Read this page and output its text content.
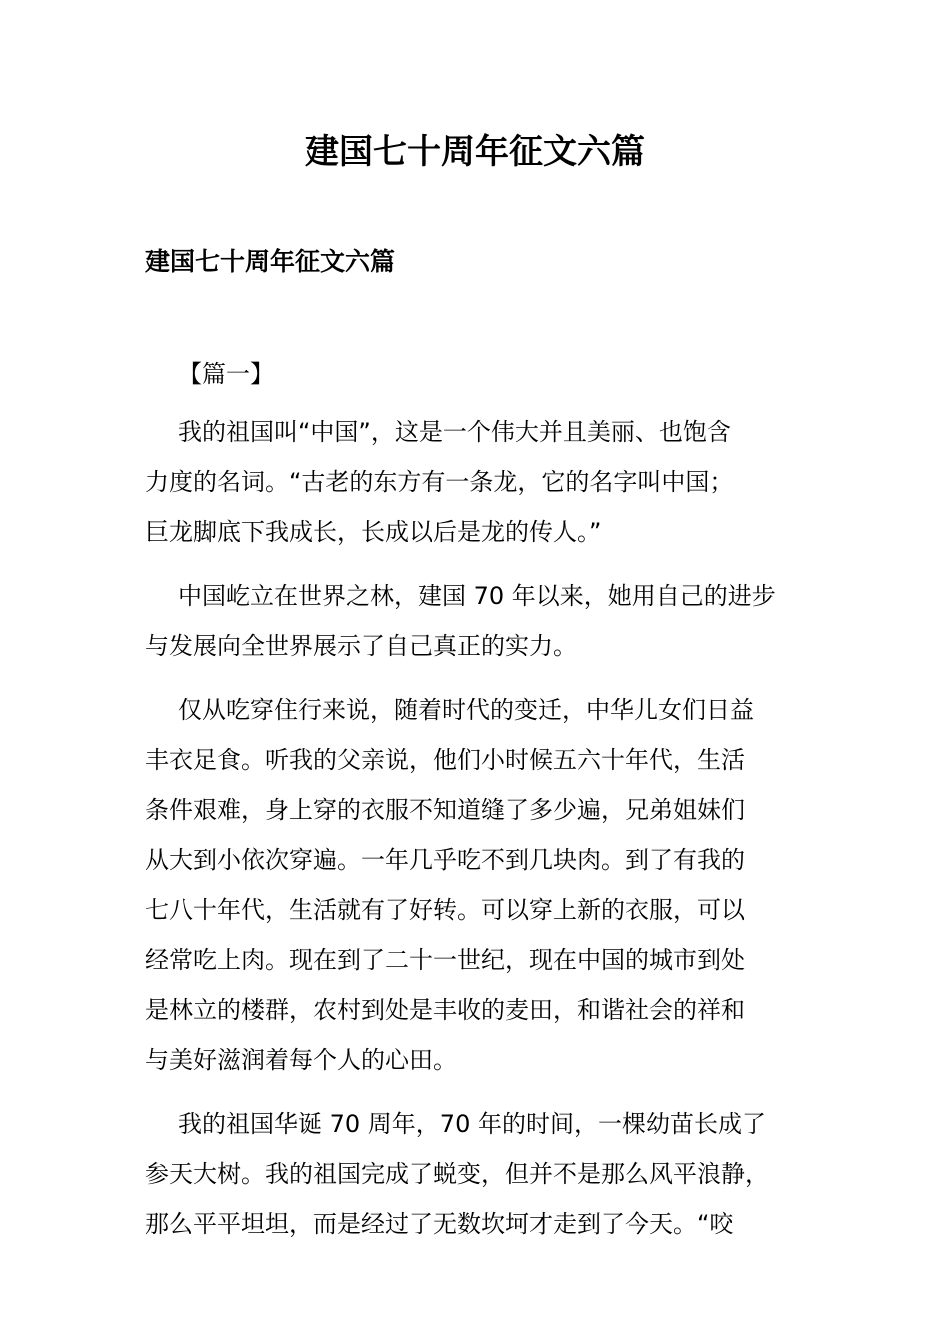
建国七十周年征文六篇
建国七十周年征文六篇
【篇一】

我的祖国叫“中国”，这是一个伟大并且美丽、也饱含
力度的名词。“古老的东方有一条龙，它的名字叫中国；
巨龙脚底下我成长，长成以后是龙的传人。”

中国屹立在世界之林，建国 70 年以来，她用自己的进步
与发展向全世界展示了自己真正的实力。

仅从吃穿住行来说，随着时代的变迁，中华儿女们日益
丰衣足食。听我的父亲说，他们小时候五六十年代，生活
条件艰难，身上穿的衣服不知道缝了多少遍，兄弟姐妹们
从大到小依次穿遍。一年几乎吃不到几块肉。到了有我的
七八十年代，生活就有了好转。可以穿上新的衣服，可以
经常吃上肉。现在到了二十一世纪，现在中国的城市到处
是林立的楼群，农村到处是丰收的麦田，和谐社会的祥和
与美好滋润着每个人的心田。

我的祖国华诞 70 周年，70 年的时间，一棵幼苗长成了
参天大树。我的祖国完成了蜕变，但并不是那么风平浪静，
那么平平坦坦，而是经过了无数坎坷才走到了今天。“咬
